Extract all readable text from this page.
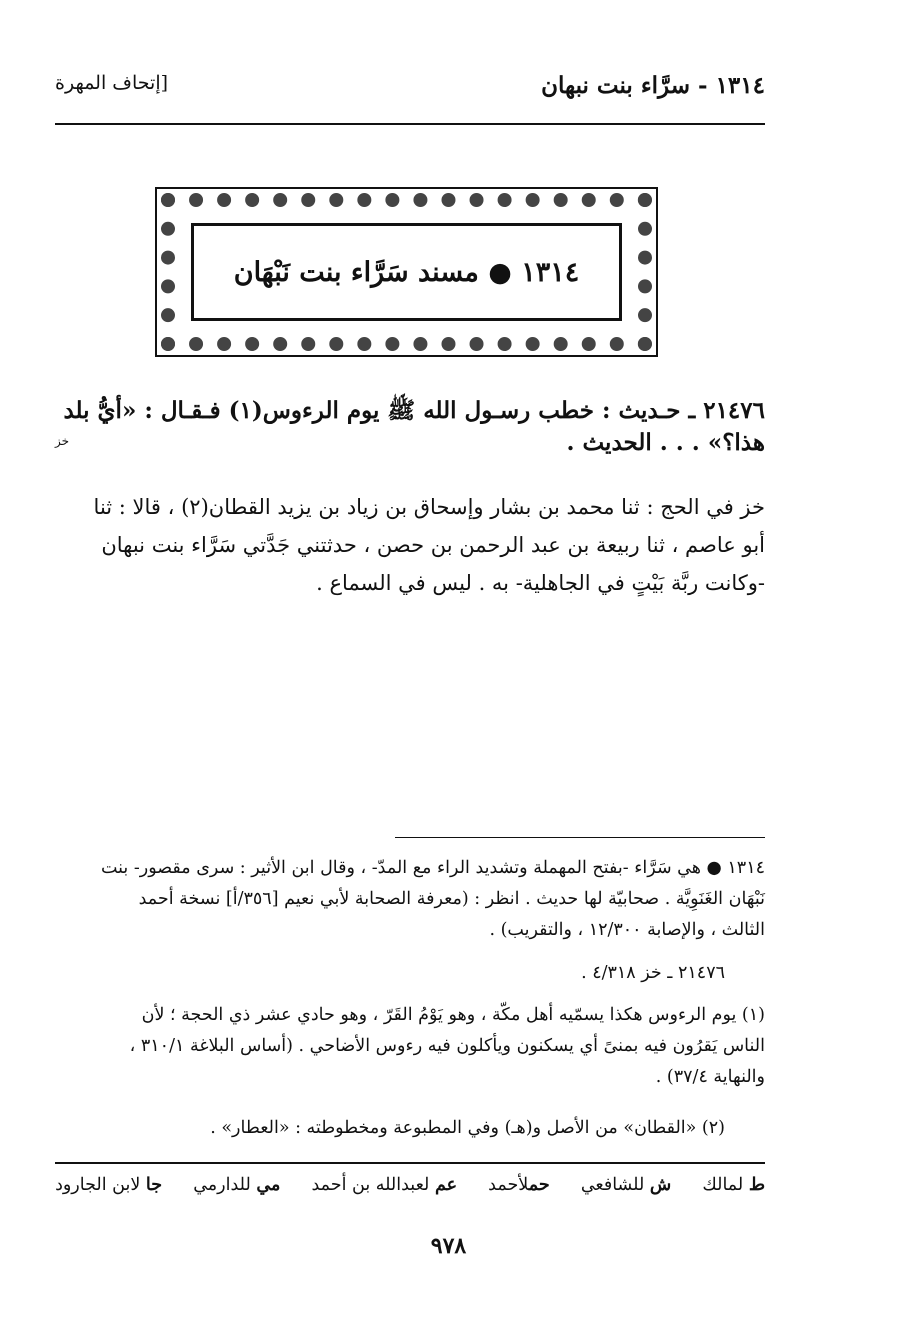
١٣١٤ - سرَّاء بنت نبهان
[إتحاف المهرة
١٣١٤ ● مسند سَرَّاء بنت نَبْهَان
٢١٤٧٦ ـ حـديث : خطب رسـول الله ﷺ يوم الرءوس(١) فـقـال : «أيُّ بلد
خز	هذا؟» . . . الحديث .
خز في الحج : ثنا محمد بن بشار وإسحاق بن زياد بن يزيد القطان(٢) ، قالا : ثنا
أبو عاصم ، ثنا ربيعة بن عبد الرحمن بن حصن ، حدثتني جَدَّتي سَرَّاء بنت نبهان
-وكانت ربَّة بَيْتٍ في الجاهلية- به . ليس في السماع .
١٣١٤ ● هي سَرَّاء -بفتح المهملة وتشديد الراء مع المدّ- ، وقال ابن الأثير : سرى مقصور- بنت
نَبْهَان الغَنَوِيَّة . صحابيّة لها حديث . انظر : (معرفة الصحابة لأبي نعيم [٣٥٦/أ] نسخة أحمد
الثالث ، والإصابة ١٢/٣٠٠ ، والتقريب) .
٢١٤٧٦ ـ خز ٤/٣١٨ .
(١) يوم الرءوس هكذا يسمّيه أهل مكّة ، وهو يَوْمُ القَرّ ، وهو حادي عشر ذي الحجة ؛ لأن
الناس يَقرُون فيه بمنىً أي يسكنون ويأكلون فيه رءوس الأضاحي . (أساس البلاغة ٣١٠/١ ،
والنهاية ٣٧/٤) .
(٢) «القطان» من الأصل و(هـ) وفي المطبوعة ومخطوطته : «العطار» .
ط لمالك
ش للشافعي
حملأحمد
عم لعبدالله بن أحمد
مي للدارمي
جا لابن الجارود
٩٧٨
